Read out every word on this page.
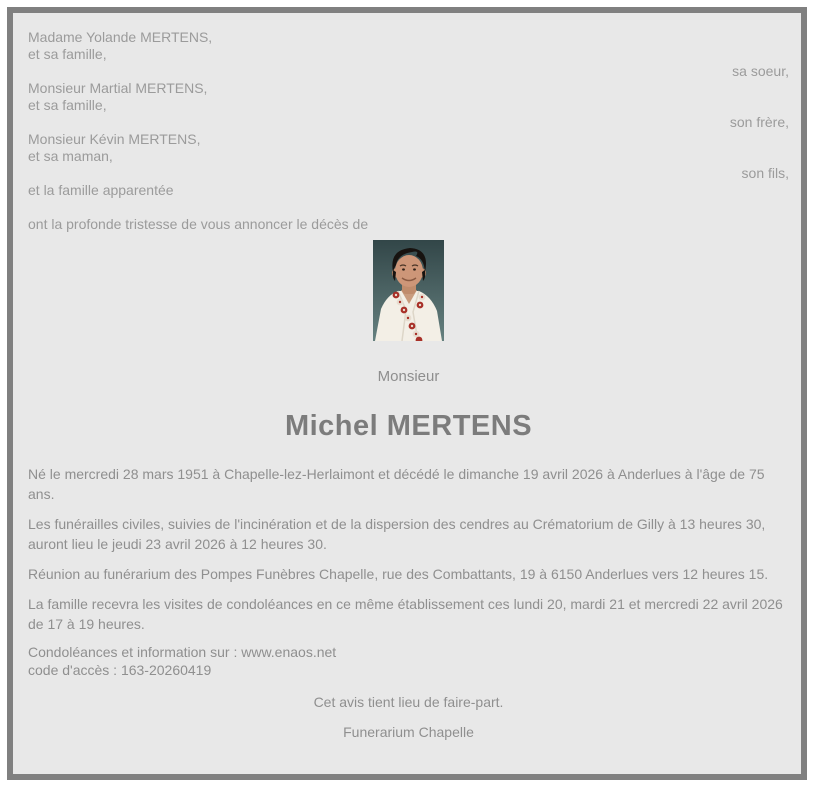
Madame Yolande MERTENS,
et sa famille,
sa soeur,
Monsieur Martial MERTENS,
et sa famille,
son frère,
Monsieur Kévin MERTENS,
et sa maman,
son fils,
et la famille apparentée
ont la profonde tristesse de vous annoncer le décès de
Monsieur
Michel MERTENS

Né le mercredi 28 mars 1951 à Chapelle-lez-Herlaimont et décédé le dimanche 19 avril 2026 à Anderlues à l'âge de 75 ans.

Les funérailles civiles, suivies de l'incinération et de la dispersion des cendres au Crématorium de Gilly à 13 heures 30, auront lieu le jeudi 23 avril 2026 à 12 heures 30.

Réunion au funérarium des Pompes Funèbres Chapelle, rue des Combattants, 19 à 6150 Anderlues vers 12 heures 15.

La famille recevra les visites de condoléances en ce même établissement ces lundi 20, mardi 21 et mercredi 22 avril 2026 de 17 à 19 heures.

Condoléances et information sur : www.enaos.net
code d'accès : 163-20260419
Cet avis tient lieu de faire-part.
Funerarium Chapelle
